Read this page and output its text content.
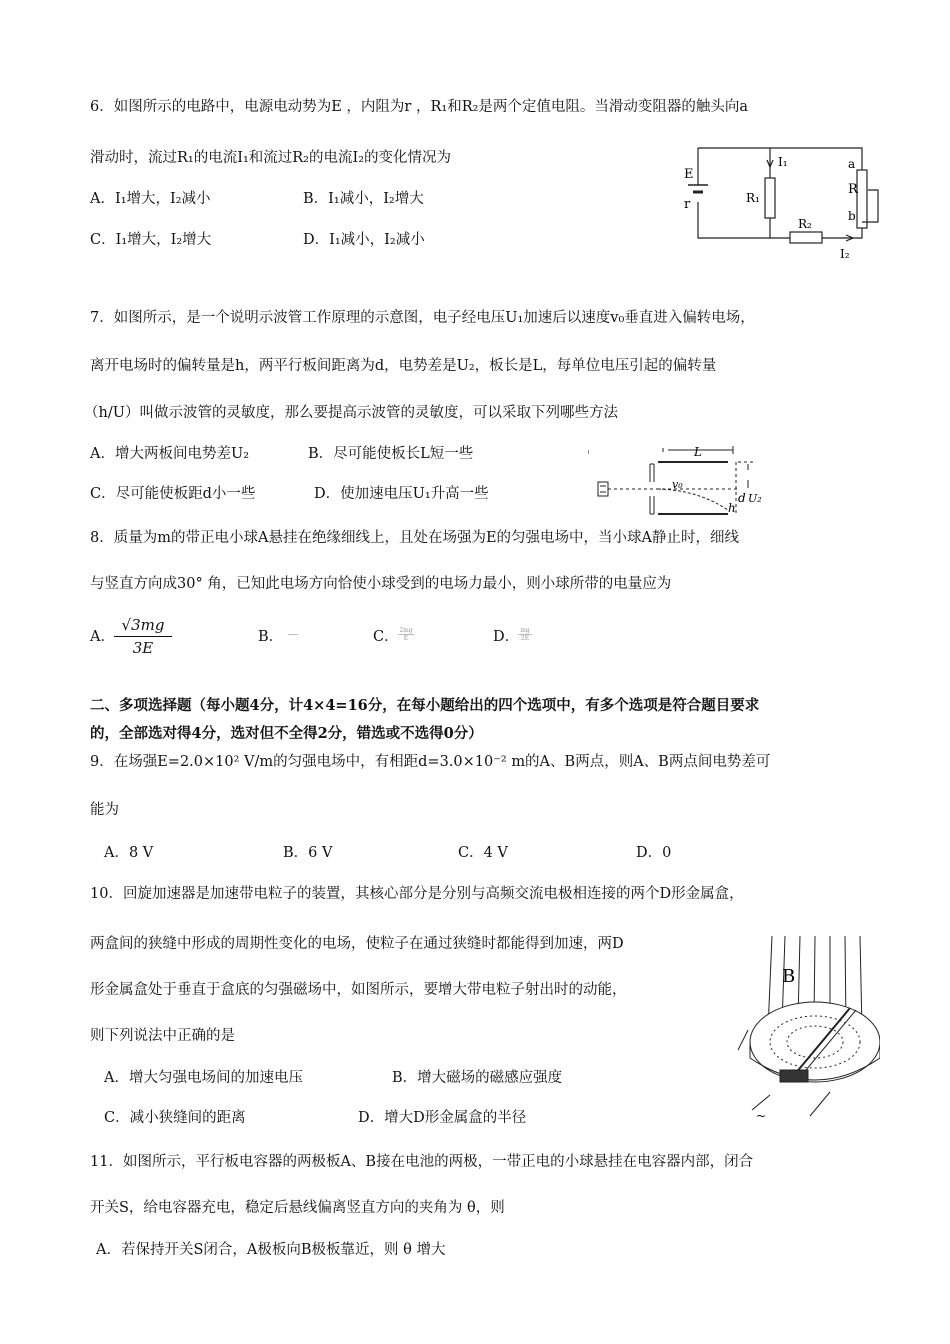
6．如图所示的电路中，电源电动势为E ，内阻为r ，R₁和R₂是两个定值电阻。当滑动变阻器的触头向a
滑动时，流过R₁的电流I₁和流过R₂的电流I₂的变化情况为
A．I₁增大，I₂减小	B．I₁减小，I₂增大
C．I₁增大，I₂增大	D．I₁减小，I₂减小
E
r
I₁
R₁
R₂
I₂
a
R
b
7．如图所示，是一个说明示波管工作原理的示意图，电子经电压U₁加速后以速度v₀垂直进入偏转电场，
离开电场时的偏转量是h，两平行板间距离为d，电势差是U₂，板长是L，每单位电压引起的偏转量
（h/U）叫做示波管的灵敏度，那么要提高示波管的灵敏度，可以采取下列哪些方法
A．增大两板间电势差U₂	B．尽可能使板长L短一些
C．尽可能使板距d小一些	D．使加速电压U₁升高一些
L
v₀
d U₂
h
8．质量为m的带正电小球A悬挂在绝缘细线上，且处在场强为E的匀强电场中，当小球A静止时，细线
与竖直方向成30° 角，已知此电场方向恰使小球受到的电场力最小，则小球所带的电量应为
A． $\frac{√3mg}{3E}$	B．	C． $\frac{2mg}{E}$	D．
$\frac{mg}{2E}$
二、多项选择题（每小题4分，计4×4=16分，在每小题给出的四个选项中，有多个选项是符合题目要求
的，全部选对得4分，选对但不全得2分，错选或不选得0分）
9．在场强E=2.0×10² V/m的匀强电场中，有相距d=3.0×10⁻² m的A、B两点，则A、B两点间电势差可
能为
A．8 V	B．6 V	C．4 V	D．0
10．回旋加速器是加速带电粒子的装置，其核心部分是分别与高频交流电极相连接的两个D形金属盒，
两盒间的狭缝中形成的周期性变化的电场，使粒子在通过狭缝时都能得到加速，两D
形金属盒处于垂直于盒底的匀强磁场中，如图所示，要增大带电粒子射出时的动能，
则下列说法中正确的是
A．增大匀强电场间的加速电压	B．增大磁场的磁感应强度
C．减小狭缝间的距离	D．增大D形金属盒的半径
B
~
11．如图所示，平行板电容器的两极板A、B接在电池的两极，一带正电的小球悬挂在电容器内部，闭合
开关S，给电容器充电，稳定后悬线偏离竖直方向的夹角为 θ，则
A．若保持开关S闭合，A极板向B极板靠近，则 θ 增大
